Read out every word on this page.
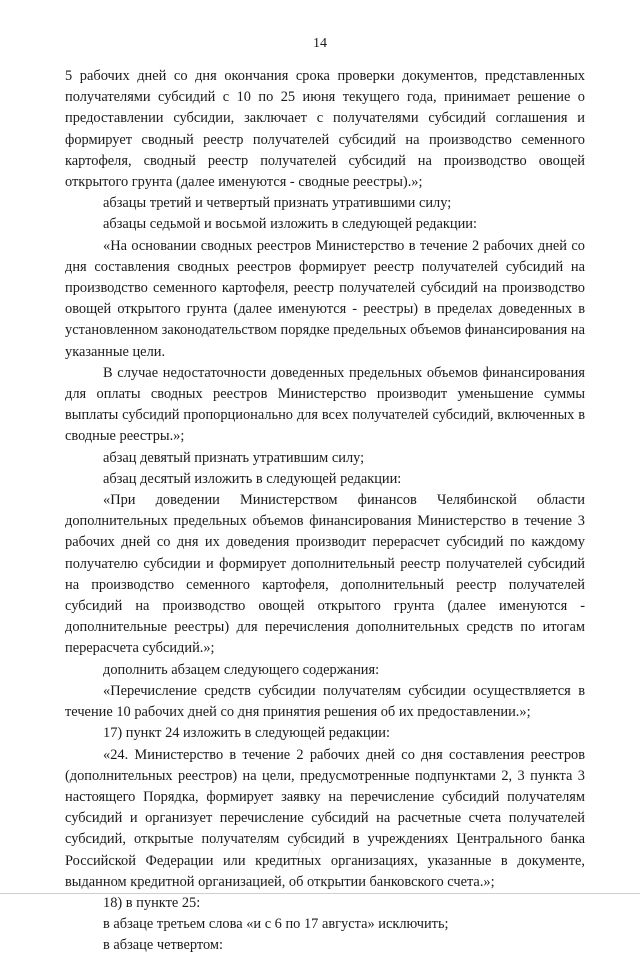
14

5 рабочих дней со дня окончания срока проверки документов, представленных получателями субсидий с 10 по 25 июня текущего года, принимает решение о предоставлении субсидии, заключает с получателями субсидий соглашения и формирует сводный реестр получателей субсидий на производство семенного картофеля, сводный реестр получателей субсидий на производство овощей открытого грунта (далее именуются - сводные реестры).»;

абзацы третий и четвертый признать утратившими силу;

абзацы седьмой и восьмой изложить в следующей редакции:

«На основании сводных реестров Министерство в течение 2 рабочих дней со дня составления сводных реестров формирует реестр получателей субсидий на производство семенного картофеля, реестр получателей субсидий на производство овощей открытого грунта (далее именуются - реестры) в пределах доведенных в установленном законодательством порядке предельных объемов финансирования на указанные цели.

В случае недостаточности доведенных предельных объемов финансирования для оплаты сводных реестров Министерство производит уменьшение суммы выплаты субсидий пропорционально для всех получателей субсидий, включенных в сводные реестры.»;

абзац девятый признать утратившим силу;

абзац десятый изложить в следующей редакции:

«При доведении Министерством финансов Челябинской области дополнительных предельных объемов финансирования Министерство в течение 3 рабочих дней со дня их доведения производит перерасчет субсидий по каждому получателю субсидии и формирует дополнительный реестр получателей субсидий на производство семенного картофеля, дополнительный реестр получателей субсидий на производство овощей открытого грунта (далее именуются - дополнительные реестры) для перечисления дополнительных средств по итогам перерасчета субсидий.»;

дополнить абзацем следующего содержания:

«Перечисление средств субсидии получателям субсидии осуществляется в течение 10 рабочих дней со дня принятия решения об их предоставлении.»;

17) пункт 24 изложить в следующей редакции:

«24. Министерство в течение 2 рабочих дней со дня составления реестров (дополнительных реестров) на цели, предусмотренные подпунктами 2, 3 пункта 3 настоящего Порядка, формирует заявку на перечисление субсидий получателям субсидий и организует перечисление субсидий на расчетные счета получателей субсидий, открытые получателям субсидий в учреждениях Центрального банка Российской Федерации или кредитных организациях, указанные в документе, выданном кредитной организацией, об открытии банковского счета.»;

18) в пункте 25:

в абзаце третьем слова «и с 6 по 17 августа» исключить;

в абзаце четвертом:
